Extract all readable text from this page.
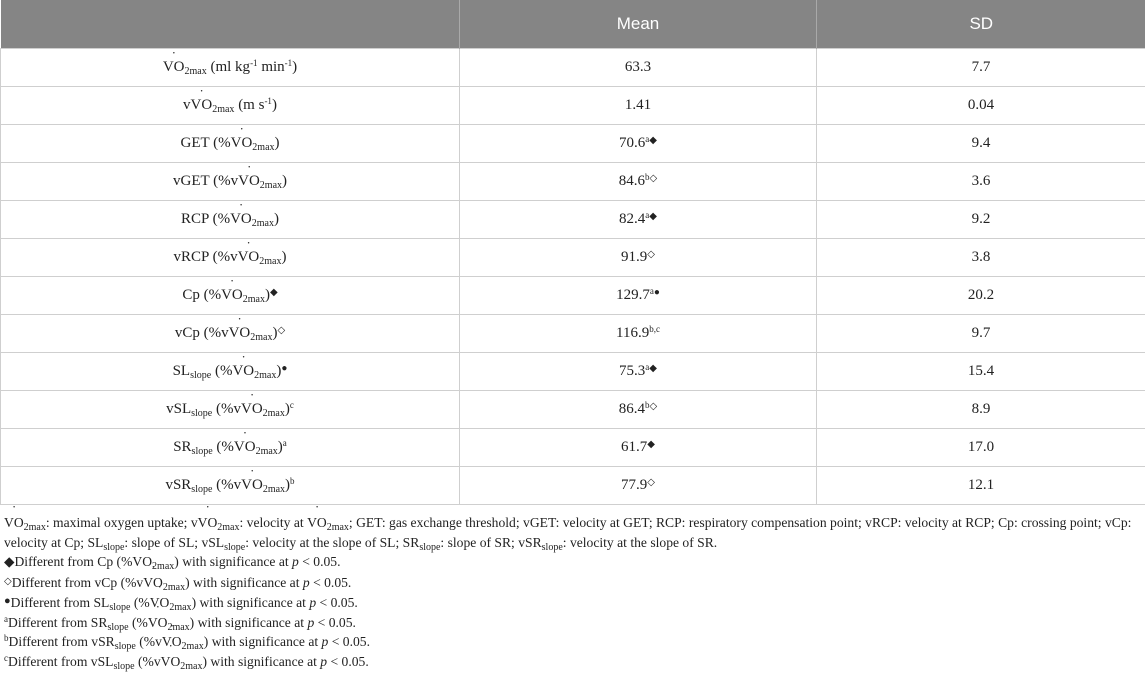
	Mean	SD
˙ $VO_{2max}$ (ml $kg^{-1}$ $\min^{-1}$)	63.3	7.7
v˙ $VO_{2max}$ (m $s^{-1}$)	1.41	0.04
GET (%˙ $VO_{2max}$)	$70.6^{a◆}$	9.4
vGET (%v˙ $VO_{2max}$)	$84.6^{b◇}$	3.6
RCP (%˙ $VO_{2max}$)	$82.4^{a◆}$	9.2
vRCP (%v˙ $VO_{2max}$)	91.9◇	3.8
Cp (%˙ $VO_{2max})^◆$	$129.7^{a●}$	20.2
vCp (%v˙ $VO_{2max})^◇$	116.9$^{b,c}$	9.7
$SL_{slope}$ (%˙ $VO_{2max})^●$	$75.3^{a◆}$	15.4
vSL$_{slope}$ (%v˙ $VO_{2max})^c$	$86.4^{b◇}$	8.9
$SR_{slope}$ (%˙ $VO_{2max})^a$	61.7◆	17.0
vSR$_{slope}$ (%v˙ $VO_{2max})^b$	77.9◇	12.1

˙ $VO_{2max}$: maximal oxygen uptake; v˙ $VO_{2max}$: velocity at ˙ $VO_{2max}$; GET: gas exchange threshold; vGET: velocity at GET; RCP: respiratory compensation point; vRCP: velocity at RCP; Cp: crossing point; vCp: velocity at Cp; $SL_{slope}$: slope of SL; vSL$_{slope}$: velocity at the slope of SL; $SR_{slope}$: slope of SR; vSR$_{slope}$: velocity at the slope of SR.

◆Different from Cp (%˙ $VO_{2max}$) with significance at p < 0.05.

◇Different from vCp (%v˙ $VO_{2max}$) with significance at p < 0.05.

●Different from $SL_{slope}$ (%˙ $VO_{2max}$) with significance at p < 0.05.

$^a$Different from $SR_{slope}$ (%˙ $VO_{2max}$) with significance at p < 0.05.

$^b$Different from vSR$_{slope}$ (%v˙ $VO_{2max}$) with significance at p < 0.05.

$^c$Different from vSL$_{slope}$ (%v˙ $VO_{2max}$) with significance at p < 0.05.
